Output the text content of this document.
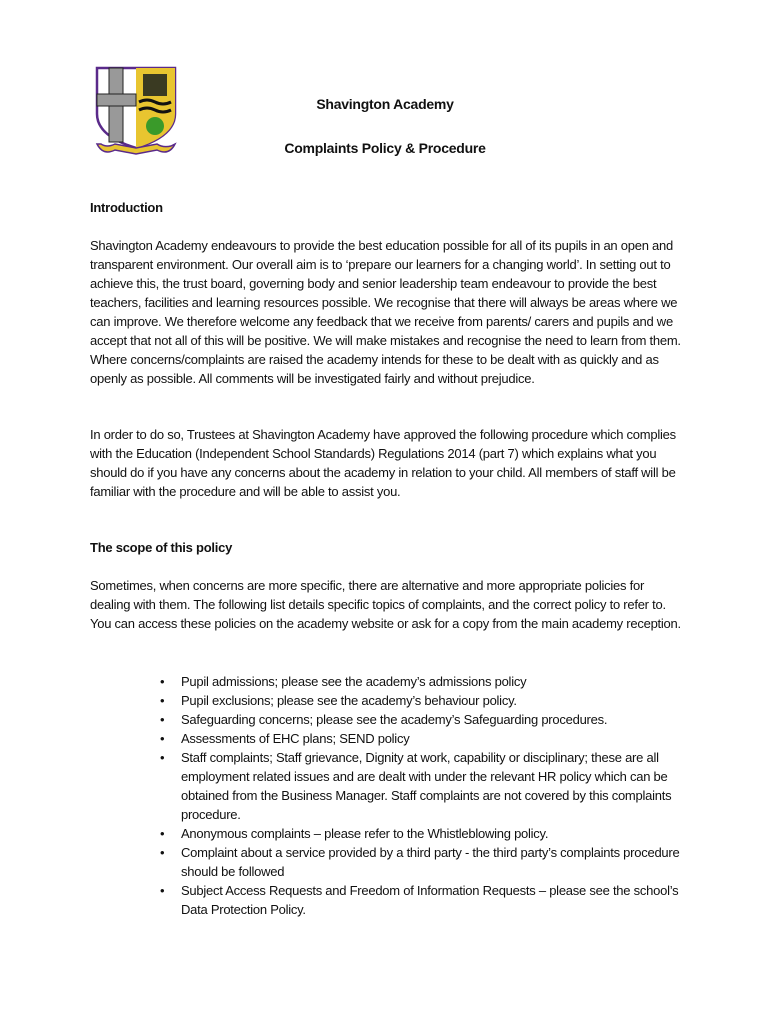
Shavington Academy
Complaints Policy & Procedure
Introduction

Shavington Academy endeavours to provide the best education possible for all of its pupils in an open and transparent environment. Our overall aim is to ‘prepare our learners for a changing world’. In setting out to achieve this, the trust board, governing body and senior leadership team endeavour to provide the best teachers, facilities and learning resources possible. We recognise that there will always be areas where we can improve. We therefore welcome any feedback that we receive from parents/ carers and pupils and we accept that not all of this will be positive. We will make mistakes and recognise the need to learn from them. Where concerns/complaints are raised the academy intends for these to be dealt with as quickly and as openly as possible. All comments will be investigated fairly and without prejudice.

In order to do so, Trustees at Shavington Academy have approved the following procedure which complies with the Education (Independent School Standards) Regulations 2014 (part 7) which explains what you should do if you have any concerns about the academy in relation to your child. All members of staff will be familiar with the procedure and will be able to assist you.

The scope of this policy

Sometimes, when concerns are more specific, there are alternative and more appropriate policies for dealing with them. The following list details specific topics of complaints, and the correct policy to refer to. You can access these policies on the academy website or ask for a copy from the main academy reception.

• Pupil admissions; please see the academy’s admissions policy
• Pupil exclusions; please see the academy’s behaviour policy.
• Safeguarding concerns; please see the academy’s Safeguarding procedures.
• Assessments of EHC plans; SEND policy
• Staff complaints; Staff grievance, Dignity at work, capability or disciplinary; these are all employment related issues and are dealt with under the relevant HR policy which can be obtained from the Business Manager. Staff complaints are not covered by this complaints procedure.
• Anonymous complaints – please refer to the Whistleblowing policy.
• Complaint about a service provided by a third party - the third party’s complaints procedure should be followed
• Subject Access Requests and Freedom of Information Requests – please see the school’s Data Protection Policy.
